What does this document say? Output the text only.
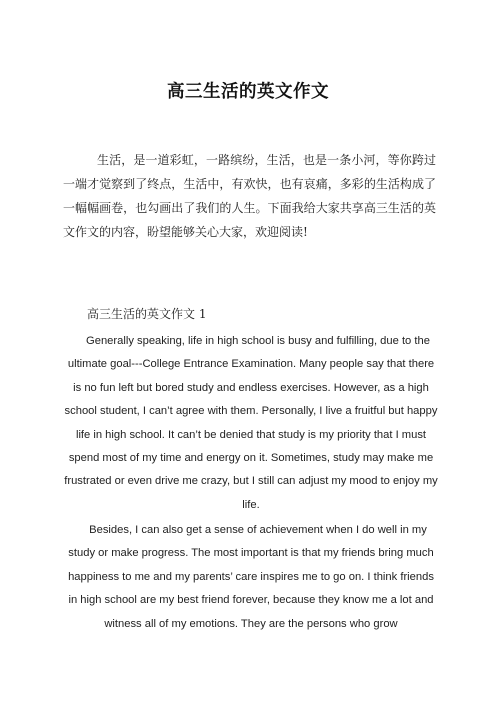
高三生活的英文作文
生活，是一道彩虹，一路缤纷，生活，也是一条小河，等你跨过一端才觉察到了终点，生活中，有欢快，也有哀痛，多彩的生活构成了一幅幅画卷，也勾画出了我们的人生。下面我给大家共享高三生活的英文作文的内容，盼望能够关心大家，欢迎阅读!
高三生活的英文作文 1
Generally speaking, life in high school is busy and fulfilling, due to the ultimate goal---College Entrance Examination. Many people say that there is no fun left but bored study and endless exercises. However, as a high school student, I can’t agree with them. Personally, I live a fruitful but happy life in high school. It can’t be denied that study is my priority that I must spend most of my time and energy on it. Sometimes, study may make me frustrated or even drive me crazy, but I still can adjust my mood to enjoy my life.
Besides, I can also get a sense of achievement when I do well in my study or make progress. The most important is that my friends bring much happiness to me and my parents’ care inspires me to go on. I think friends in high school are my best friend forever, because they know me a lot and witness all of my emotions. They are the persons who grow
